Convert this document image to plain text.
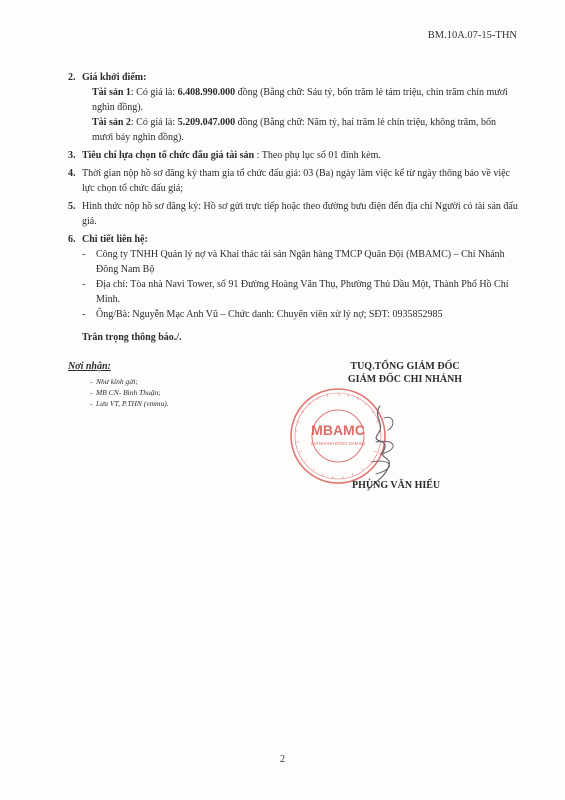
BM.10A.07-15-THN
2. Giá khởi điểm:
Tài sản 1: Có giá là: 6.408.990.000 đồng (Bằng chữ: Sáu tỷ, bốn trăm lẻ tám triệu, chín trăm chín mươi nghìn đồng).
Tài sản 2: Có giá là: 5.209.047.000 đồng (Bằng chữ: Năm tỷ, hai trăm lẻ chín triệu, không trăm, bốn mươi bảy nghìn đồng).
3. Tiêu chí lựa chọn tổ chức đấu giá tài sản : Theo phụ lục số 01 đính kèm.
4. Thời gian nộp hồ sơ đăng ký tham gia tổ chức đấu giá: 03 (Ba) ngày làm việc kể từ ngày thông báo về việc lực chọn tổ chức đấu giá;
5. Hình thức nộp hồ sơ đăng ký: Hồ sơ gửi trực tiếp hoặc theo đường bưu điện đến địa chỉ Người có tài sản đấu giá.
6. Chi tiết liên hệ:
- Công ty TNHH Quản lý nợ và Khai thác tài sản Ngân hàng TMCP Quân Đội (MBAMC) – Chi Nhánh Đông Nam Bộ
- Địa chỉ: Tòa nhà Navi Tower, số 91 Đường Hoàng Văn Thụ, Phường Thủ Dầu Một, Thành Phố Hồ Chí Minh.
- Ông/Bà: Nguyễn Mạc Anh Vũ – Chức danh: Chuyên viên xử lý nợ; SĐT: 0935852985
Trân trọng thông báo./.
Nơi nhận:
- Như kính gửi;
- MB CN- Bình Thuận;
- Lưu VT, P.THN (vmmu).
TUQ.TỔNG GIÁM ĐỐC
GIÁM ĐỐC CHI NHÁNH
MBAMC
CHI NHÁNH ĐÔNG NAM BỘ
PHÙNG VĂN HIẾU
2
